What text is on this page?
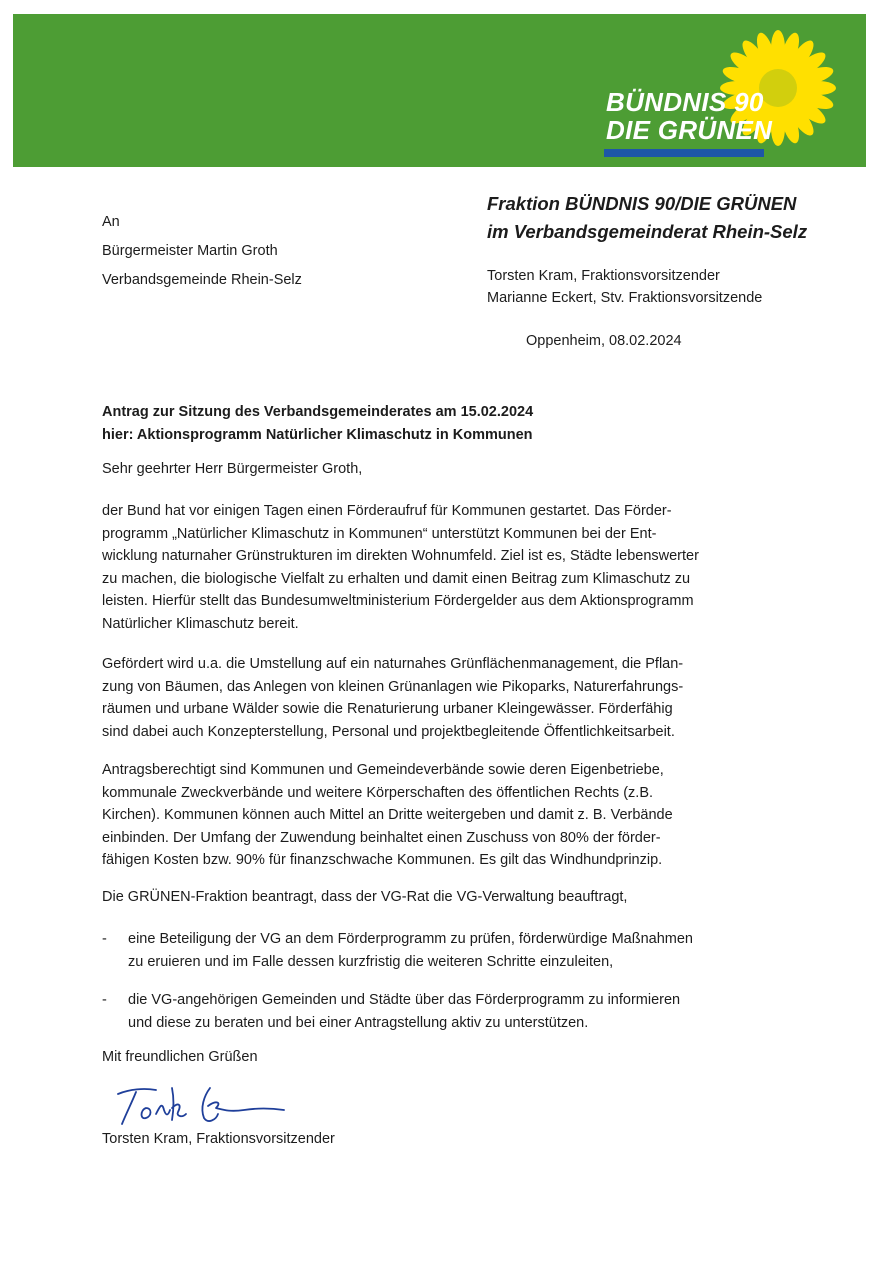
BÜNDNIS 90
DIE GRÜNEN
An
Bürgermeister Martin Groth
Verbandsgemeinde Rhein-Selz
Fraktion BÜNDNIS 90/DIE GRÜNEN
im Verbandsgemeinderat Rhein-Selz
Torsten Kram, Fraktionsvorsitzender
Marianne Eckert, Stv. Fraktionsvorsitzende
Oppenheim, 08.02.2024
Antrag zur Sitzung des Verbandsgemeinderates am 15.02.2024
hier: Aktionsprogramm Natürlicher Klimaschutz in Kommunen
Sehr geehrter Herr Bürgermeister Groth,
der Bund hat vor einigen Tagen einen Förderaufruf für Kommunen gestartet. Das Förder-
programm „Natürlicher Klimaschutz in Kommunen“ unterstützt Kommunen bei der Ent-
wicklung naturnaher Grünstrukturen im direkten Wohnumfeld. Ziel ist es, Städte lebenswerter
zu machen, die biologische Vielfalt zu erhalten und damit einen Beitrag zum Klimaschutz zu
leisten. Hierfür stellt das Bundesumweltministerium Fördergelder aus dem Aktionsprogramm
Natürlicher Klimaschutz bereit.
Gefördert wird u.a. die Umstellung auf ein naturnahes Grünflächenmanagement, die Pflan-
zung von Bäumen, das Anlegen von kleinen Grünanlagen wie Pikoparks, Naturerfahrungs-
räumen und urbane Wälder sowie die Renaturierung urbaner Kleingewässer. Förderfähig
sind dabei auch Konzepterstellung, Personal und projektbegleitende Öffentlichkeitsarbeit.
Antragsberechtigt sind Kommunen und Gemeindeverbände sowie deren Eigenbetriebe,
kommunale Zweckverbände und weitere Körperschaften des öffentlichen Rechts (z.B.
Kirchen). Kommunen können auch Mittel an Dritte weitergeben und damit z. B. Verbände
einbinden. Der Umfang der Zuwendung beinhaltet einen Zuschuss von 80% der förder-
fähigen Kosten bzw. 90% für finanzschwache Kommunen. Es gilt das Windhundprinzip.
Die GRÜNEN-Fraktion beantragt, dass der VG-Rat die VG-Verwaltung beauftragt,
- eine Beteiligung der VG an dem Förderprogramm zu prüfen, förderwürdige Maßnahmen
zu eruieren und im Falle dessen kurzfristig die weiteren Schritte einzuleiten,
- die VG-angehörigen Gemeinden und Städte über das Förderprogramm zu informieren
und diese zu beraten und bei einer Antragstellung aktiv zu unterstützen.
Mit freundlichen Grüßen
Torsten Kram, Fraktionsvorsitzender
